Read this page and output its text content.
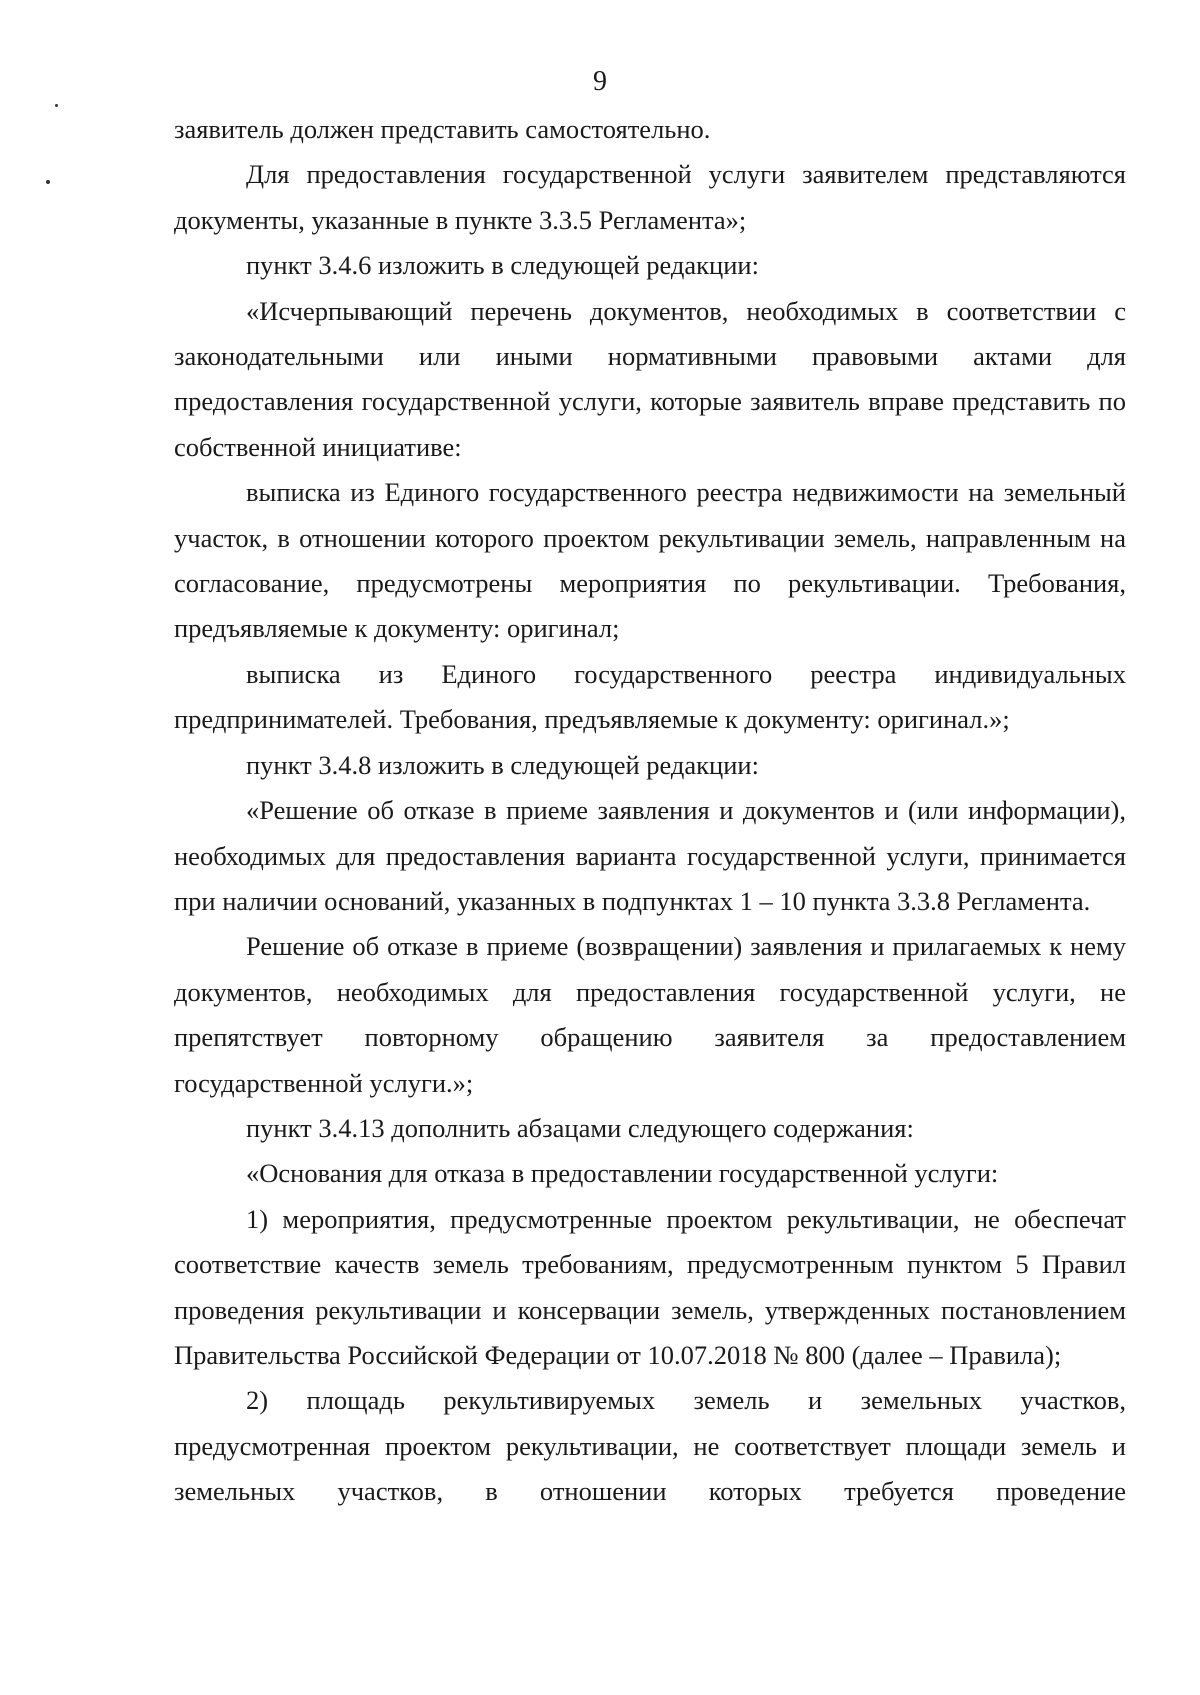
9

заявитель должен представить самостоятельно.

Для предоставления государственной услуги заявителем представляются документы, указанные в пункте 3.3.5 Регламента»;

пункт 3.4.6 изложить в следующей редакции:

«Исчерпывающий перечень документов, необходимых в соответствии с законодательными или иными нормативными правовыми актами для предоставления государственной услуги, которые заявитель вправе представить по собственной инициативе:

выписка из Единого государственного реестра недвижимости на земельный участок, в отношении которого проектом рекультивации земель, направленным на согласование, предусмотрены мероприятия по рекультивации. Требования, предъявляемые к документу: оригинал;

выписка из Единого государственного реестра индивидуальных предпринимателей. Требования, предъявляемые к документу: оригинал.»;

пункт 3.4.8 изложить в следующей редакции:

«Решение об отказе в приеме заявления и документов и (или информации), необходимых для предоставления варианта государственной услуги, принимается при наличии оснований, указанных в подпунктах 1 – 10 пункта 3.3.8 Регламента.

Решение об отказе в приеме (возвращении) заявления и прилагаемых к нему документов, необходимых для предоставления государственной услуги, не препятствует повторному обращению заявителя за предоставлением государственной услуги.»;

пункт 3.4.13 дополнить абзацами следующего содержания:

«Основания для отказа в предоставлении государственной услуги:

1) мероприятия, предусмотренные проектом рекультивации, не обеспечат соответствие качеств земель требованиям, предусмотренным пунктом 5 Правил проведения рекультивации и консервации земель, утвержденных постановлением Правительства Российской Федерации от 10.07.2018 № 800 (далее – Правила);

2) площадь рекультивируемых земель и земельных участков, предусмотренная проектом рекультивации, не соответствует площади земель и земельных участков, в отношении которых требуется проведение
